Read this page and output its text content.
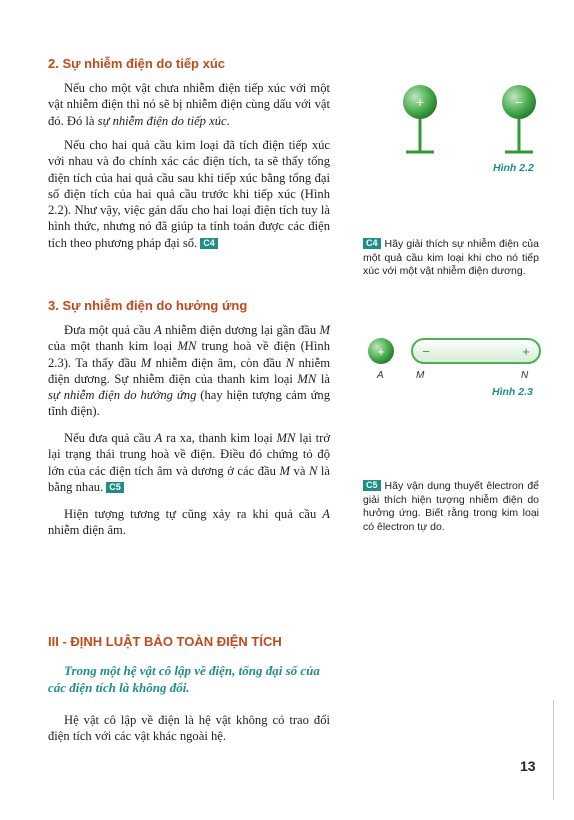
2. Sự nhiễm điện do tiếp xúc
Nếu cho một vật chưa nhiễm điện tiếp xúc với một vật nhiễm điện thì nó sẽ bị nhiễm điện cùng dấu với vật đó. Đó là sự nhiễm điện do tiếp xúc.
Nếu cho hai quả cầu kim loại đã tích điện tiếp xúc với nhau và đo chính xác các điện tích, ta sẽ thấy tổng điện tích của hai quả cầu sau khi tiếp xúc bằng tổng đại số điện tích của hai quả cầu trước khi tiếp xúc (Hình 2.2). Như vậy, việc gán dấu cho hai loại điện tích tuy là hình thức, nhưng nó đã giúp ta tính toán được các điện tích theo phương pháp đại số. C4
+	−
Hình 2.2
C4 Hãy giải thích sự nhiễm điện của một quả cầu kim loại khi cho nó tiếp xúc với một vật nhiễm điện dương.
3. Sự nhiễm điện do hưởng ứng
Đưa một quả cầu A nhiễm điện dương lại gần đầu M của một thanh kim loại MN trung hoà về điện (Hình 2.3). Ta thấy đầu M nhiễm điện âm, còn đầu N nhiễm điện dương. Sự nhiễm điện của thanh kim loại MN là sự nhiễm điện do hưởng ứng (hay hiện tượng cảm ứng tĩnh điện).
Nếu đưa quả cầu A ra xa, thanh kim loại MN lại trở lại trạng thái trung hoà về điện. Điều đó chứng tỏ độ lớn của các điện tích âm và dương ở các đầu M và N là bằng nhau. C5
Hiện tượng tương tự cũng xảy ra khi quả cầu A nhiễm điện âm.
+	−	+
A	M	N
Hình 2.3
C5 Hãy vận dụng thuyết êlectron để giải thích hiện tượng nhiễm điện do hưởng ứng. Biết rằng trong kim loại có êlectron tự do.
III - ĐỊNH LUẬT BẢO TOÀN ĐIỆN TÍCH
Trong một hệ vật cô lập về điện, tổng đại số của các điện tích là không đổi.
Hệ vật cô lập về điện là hệ vật không có trao đổi điện tích với các vật khác ngoài hệ.
13
